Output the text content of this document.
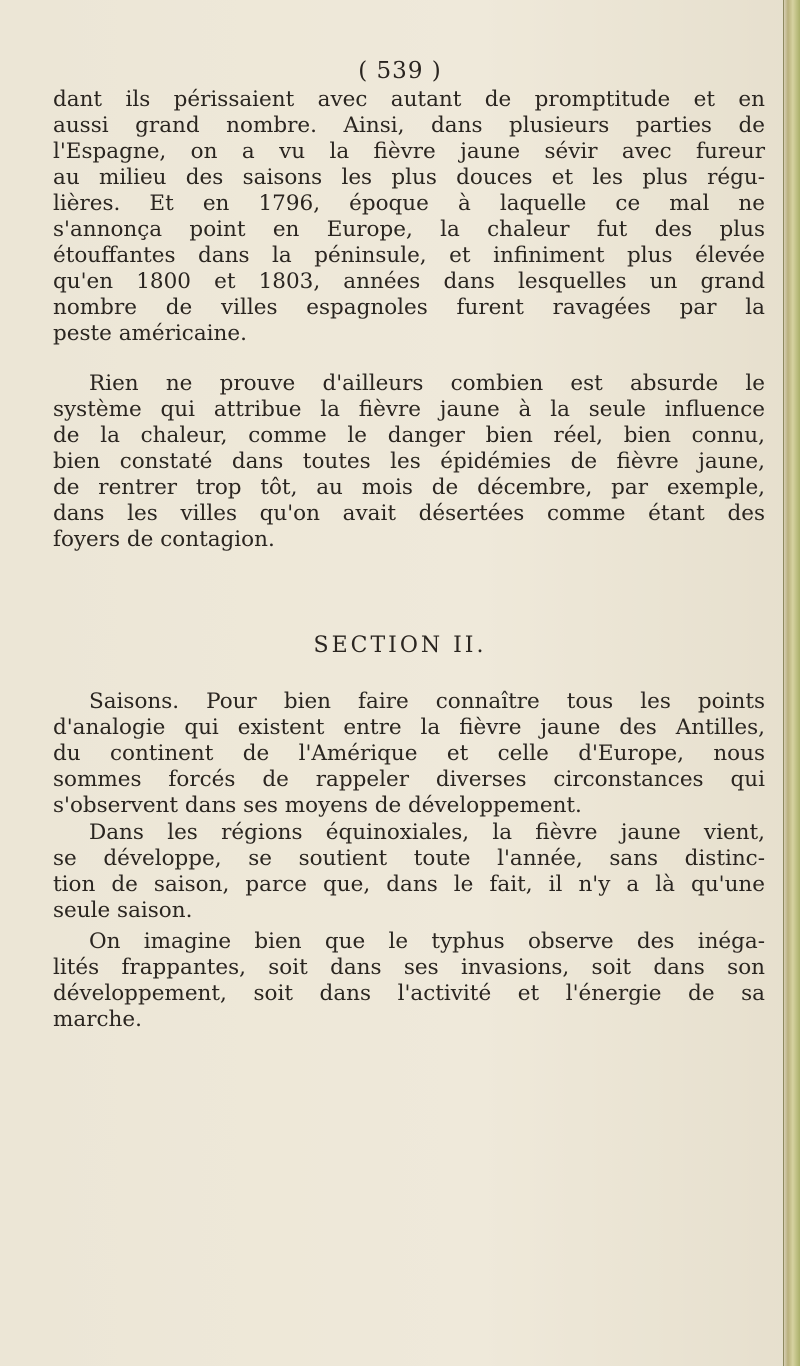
( 539 )
dant ils périssaient avec autant de promptitude et en
aussi grand nombre. Ainsi, dans plusieurs parties de
l'Espagne, on a vu la fièvre jaune sévir avec fureur
au milieu des saisons les plus douces et les plus régu-
lières. Et en 1796, époque à laquelle ce mal ne
s'annonça point en Europe, la chaleur fut des plus
étouffantes dans la péninsule, et infiniment plus élevée
qu'en 1800 et 1803, années dans lesquelles un grand
nombre de villes espagnoles furent ravagées par la
peste américaine.
Rien ne prouve d'ailleurs combien est absurde le
système qui attribue la fièvre jaune à la seule influence
de la chaleur, comme le danger bien réel, bien connu,
bien constaté dans toutes les épidémies de fièvre jaune,
de rentrer trop tôt, au mois de décembre, par exemple,
dans les villes qu'on avait désertées comme étant des
foyers de contagion.
SECTION II.
Saisons. Pour bien faire connaître tous les points
d'analogie qui existent entre la fièvre jaune des Antilles,
du continent de l'Amérique et celle d'Europe, nous
sommes forcés de rappeler diverses circonstances qui
s'observent dans ses moyens de développement.
Dans les régions équinoxiales, la fièvre jaune vient,
se développe, se soutient toute l'année, sans distinc-
tion de saison, parce que, dans le fait, il n'y a là qu'une
seule saison.
On imagine bien que le typhus observe des inéga-
lités frappantes, soit dans ses invasions, soit dans son
développement, soit dans l'activité et l'énergie de sa
marche.
